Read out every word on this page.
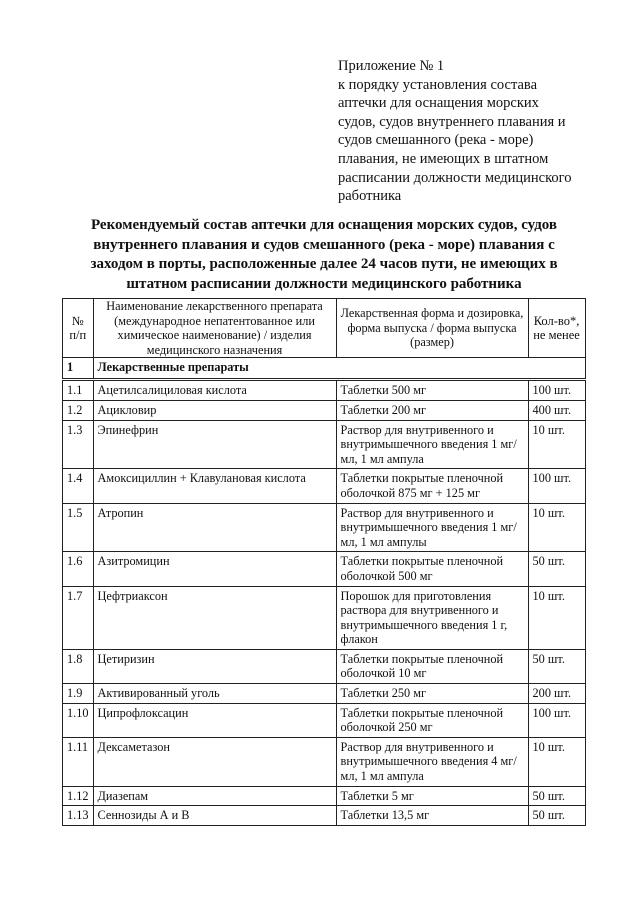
Приложение № 1
к порядку установления состава
аптечки для оснащения морских
судов, судов внутреннего плавания и
судов смешанного (река - море)
плавания, не имеющих в штатном
расписании должности медицинского
работника
Рекомендуемый состав аптечки для оснащения морских судов, судов
внутреннего плавания и судов смешанного (река - море) плавания с
заходом в порты, расположенные далее 24 часов пути, не имеющих в
штатном расписании должности медицинского работника
№ п/п	Наименование лекарственного препарата (международное непатентованное или химическое наименование) / изделия медицинского назначения	Лекарственная форма и дозировка, форма выпуска / форма выпуска (размер)	Кол-во*, не менее
1	Лекарственные препараты		
1.1	Ацетилсалициловая кислота	Таблетки 500 мг	100 шт.
1.2	Ацикловир	Таблетки 200 мг	400 шт.
1.3	Эпинефрин	Раствор для внутривенного и внутримышечного введения 1 мг/мл, 1 мл ампула	10 шт.
1.4	Амоксициллин + Клавулановая кислота	Таблетки покрытые пленочной оболочкой 875 мг + 125 мг	100 шт.
1.5	Атропин	Раствор для внутривенного и внутримышечного введения 1 мг/мл, 1 мл ампулы	10 шт.
1.6	Азитромицин	Таблетки покрытые пленочной оболочкой 500 мг	50 шт.
1.7	Цефтриаксон	Порошок для приготовления раствора для внутривенного и внутримышечного введения 1 г, флакон	10 шт.
1.8	Цетиризин	Таблетки покрытые пленочной оболочкой 10 мг	50 шт.
1.9	Активированный уголь	Таблетки 250 мг	200 шт.
1.10	Ципрофлоксацин	Таблетки покрытые пленочной оболочкой 250 мг	100 шт.
1.11	Дексаметазон	Раствор для внутривенного и внутримышечного введения 4 мг/мл, 1 мл ампула	10 шт.
1.12	Диазепам	Таблетки 5 мг	50 шт.
1.13	Сеннозиды А и В	Таблетки 13,5 мг	50 шт.
